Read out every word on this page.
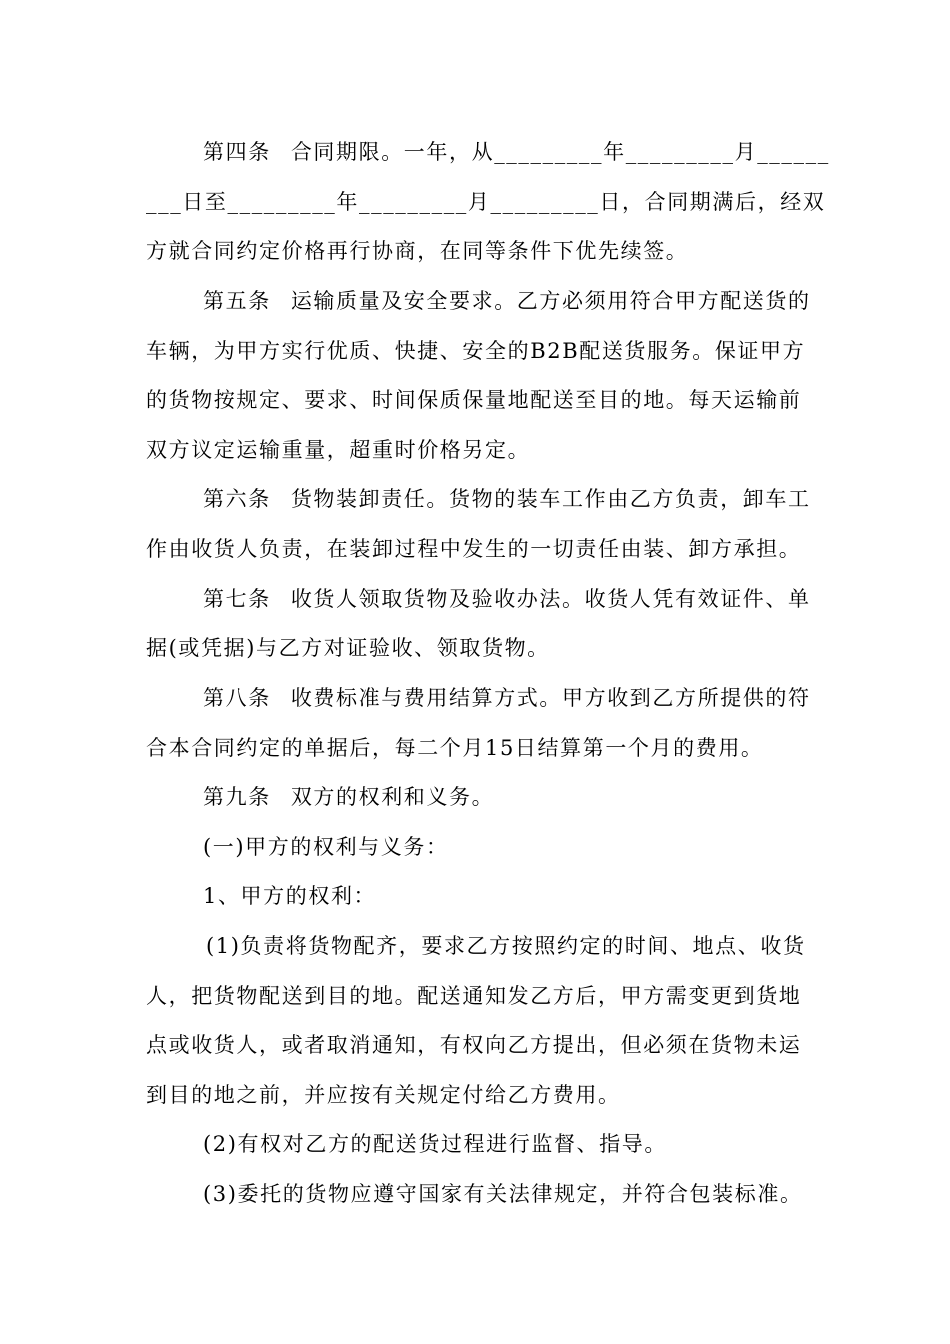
第四条 合同期限。一年，从_________年_________月______
___日至_________年_________月_________日，合同期满后，经双
方就合同约定价格再行协商，在同等条件下优先续签。
第五条 运输质量及安全要求。乙方必须用符合甲方配送货的
车辆，为甲方实行优质、快捷、安全的B2B配送货服务。保证甲方
的货物按规定、要求、时间保质保量地配送至目的地。每天运输前
双方议定运输重量，超重时价格另定。
第六条 货物装卸责任。货物的装车工作由乙方负责，卸车工
作由收货人负责，在装卸过程中发生的一切责任由装、卸方承担。
第七条 收货人领取货物及验收办法。收货人凭有效证件、单
据(或凭据)与乙方对证验收、领取货物。
第八条 收费标准与费用结算方式。甲方收到乙方所提供的符
合本合同约定的单据后，每二个月15日结算第一个月的费用。
第九条 双方的权利和义务。
(一)甲方的权利与义务：
1、甲方的权利：
(1)负责将货物配齐，要求乙方按照约定的时间、地点、收货
人，把货物配送到目的地。配送通知发乙方后，甲方需变更到货地
点或收货人，或者取消通知，有权向乙方提出，但必须在货物未运
到目的地之前，并应按有关规定付给乙方费用。
(2)有权对乙方的配送货过程进行监督、指导。
(3)委托的货物应遵守国家有关法律规定，并符合包装标准。
